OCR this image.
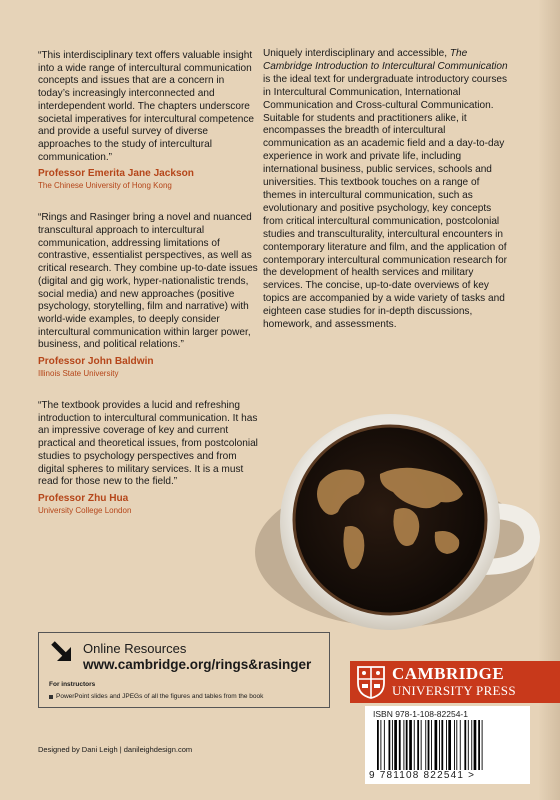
“This interdisciplinary text offers valuable insight into a wide range of intercultural communication concepts and issues that are a concern in today’s increasingly interconnected and interdependent world. The chapters underscore societal imperatives for intercultural competence and provide a useful survey of diverse approaches to the study of intercultural communication.”

Professor Emerita Jane Jackson
The Chinese University of Hong Kong

“Rings and Rasinger bring a novel and nuanced transcultural approach to intercultural communication, addressing limitations of contrastive, essentialist perspectives, as well as critical research. They combine up-to-date issues (digital and gig work, hyper-nationalistic trends, social media) and new approaches (positive psychology, storytelling, film and narrative) with world-wide examples, to deeply consider intercultural communication within larger power, business, and political relations.”

Professor John Baldwin
Illinois State University

“The textbook provides a lucid and refreshing introduction to intercultural communication. It has an impressive coverage of key and current practical and theoretical issues, from postcolonial studies to psychology perspectives and from digital spheres to military services. It is a must read for those new to the field.”

Professor Zhu Hua
University College London

Uniquely interdisciplinary and accessible, The Cambridge Introduction to Intercultural Communication is the ideal text for undergraduate introductory courses in Intercultural Communication, International Communication and Cross-cultural Communication. Suitable for students and practitioners alike, it encompasses the breadth of intercultural communication as an academic field and a day-to-day experience in work and private life, including international business, public services, schools and universities. This textbook touches on a range of themes in intercultural communication, such as evolutionary and positive psychology, key concepts from critical intercultural communication, postcolonial studies and transculturality, intercultural encounters in contemporary literature and film, and the application of contemporary intercultural communication research for the development of health services and military services. The concise, up-to-date overviews of key topics are accompanied by a wide variety of tasks and eighteen case studies for in-depth discussions, homework, and assessments.

Online Resources
www.cambridge.org/rings&rasinger
For instructors
PowerPoint slides and JPEGs of all the figures and tables from the book
Designed by Dani Leigh | danileighdesign.com
CAMBRIDGE
UNIVERSITY PRESS
ISBN 978-1-108-82254-1
9 781108 822541 >
